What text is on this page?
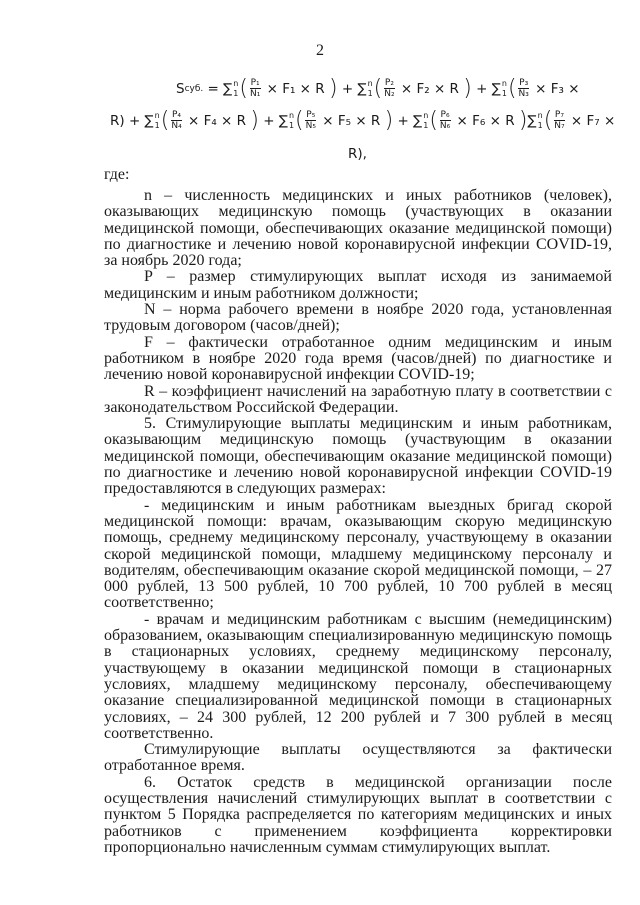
2
S суб. = ∑ n
1 ( $\frac{\text{P₁}}{\text{N₁}} \times F_1 \times R$ ) + ∑ n
1 ( $\frac{\text{P₂}}{\text{N₂}} \times F_2 \times R$ ) + ∑ n
1 ( $\frac{\text{P₃}}{\text{N₃}} \times F_3$ ×
R) + ∑ n
1 ( $\frac{\text{P₄}}{\text{N₄}} \times F_4 \times R$ ) + ∑ n
1 ( $\frac{\text{P₅}}{\text{N₅}} \times F_5 \times R$ ) + ∑ n
1 ( $\frac{\text{P₆}}{\text{N₆}} \times F_6 \times R$ ) ∑ n
1 ( $\frac{\text{P₇}}{\text{N₇}} \times F_7$ ×
R),
где:

n – численность медицинских и иных работников (человек), оказывающих медицинскую помощь (участвующих в оказании медицинской помощи, обеспечивающих оказание медицинской помощи) по диагностике и лечению новой коронавирусной инфекции COVID-19, за ноябрь 2020 года;

P – размер стимулирующих выплат исходя из занимаемой медицинским и иным работником должности;

N – норма рабочего времени в ноябре 2020 года, установленная трудовым договором (часов/дней);

F – фактически отработанное одним медицинским и иным работником в ноябре 2020 года время (часов/дней) по диагностике и лечению новой коронавирусной инфекции COVID-19;

R – коэффициент начислений на заработную плату в соответствии с законодательством Российской Федерации.

5. Стимулирующие выплаты медицинским и иным работникам, оказывающим медицинскую помощь (участвующим в оказании медицинской помощи, обеспечивающим оказание медицинской помощи) по диагностике и лечению новой коронавирусной инфекции COVID-19 предоставляются в следующих размерах:

- медицинским и иным работникам выездных бригад скорой медицинской помощи: врачам, оказывающим скорую медицинскую помощь, среднему медицинскому персоналу, участвующему в оказании скорой медицинской помощи, младшему медицинскому персоналу и водителям, обеспечивающим оказание скорой медицинской помощи, – 27 000 рублей, 13 500 рублей, 10 700 рублей, 10 700 рублей в месяц соответственно;

- врачам и медицинским работникам с высшим (немедицинским) образованием, оказывающим специализированную медицинскую помощь в стационарных условиях, среднему медицинскому персоналу, участвующему в оказании медицинской помощи в стационарных условиях, младшему медицинскому персоналу, обеспечивающему оказание специализированной медицинской помощи в стационарных условиях, – 24 300 рублей, 12 200 рублей и 7 300 рублей в месяц соответственно.

Стимулирующие выплаты осуществляются за фактически отработанное время.

6. Остаток средств в медицинской организации после осуществления начислений стимулирующих выплат в соответствии с пунктом 5 Порядка распределяется по категориям медицинских и иных работников с применением коэффициента корректировки пропорционально начисленным суммам стимулирующих выплат.
